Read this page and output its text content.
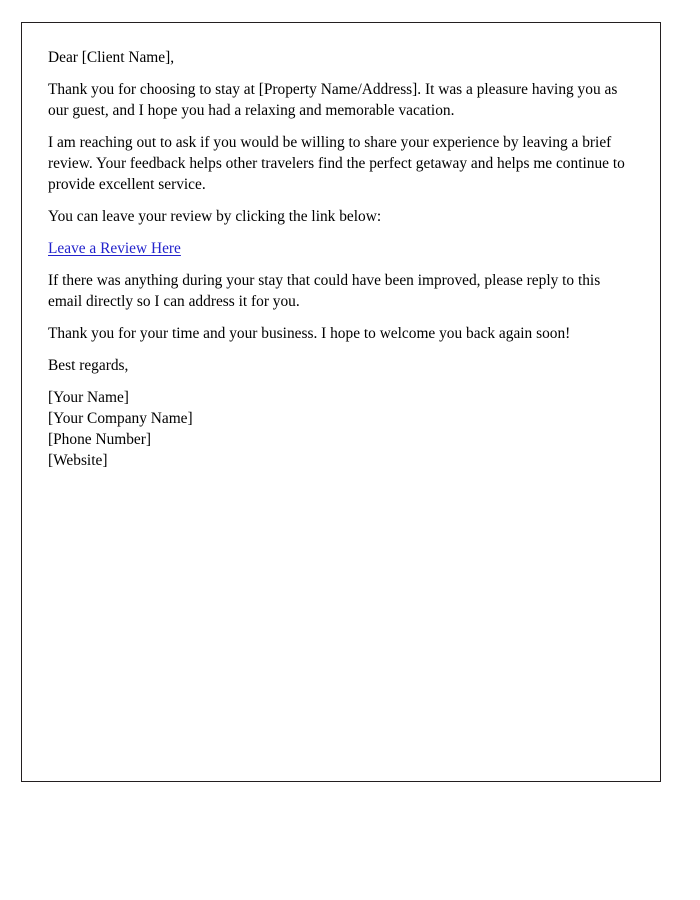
Dear [Client Name],

Thank you for choosing to stay at [Property Name/Address]. It was a pleasure having you as our guest, and I hope you had a relaxing and memorable vacation.

I am reaching out to ask if you would be willing to share your experience by leaving a brief review. Your feedback helps other travelers find the perfect getaway and helps me continue to provide excellent service.

You can leave your review by clicking the link below:

Leave a Review Here

If there was anything during your stay that could have been improved, please reply to this email directly so I can address it for you.

Thank you for your time and your business. I hope to welcome you back again soon!

Best regards,

[Your Name]
[Your Company Name]
[Phone Number]
[Website]
